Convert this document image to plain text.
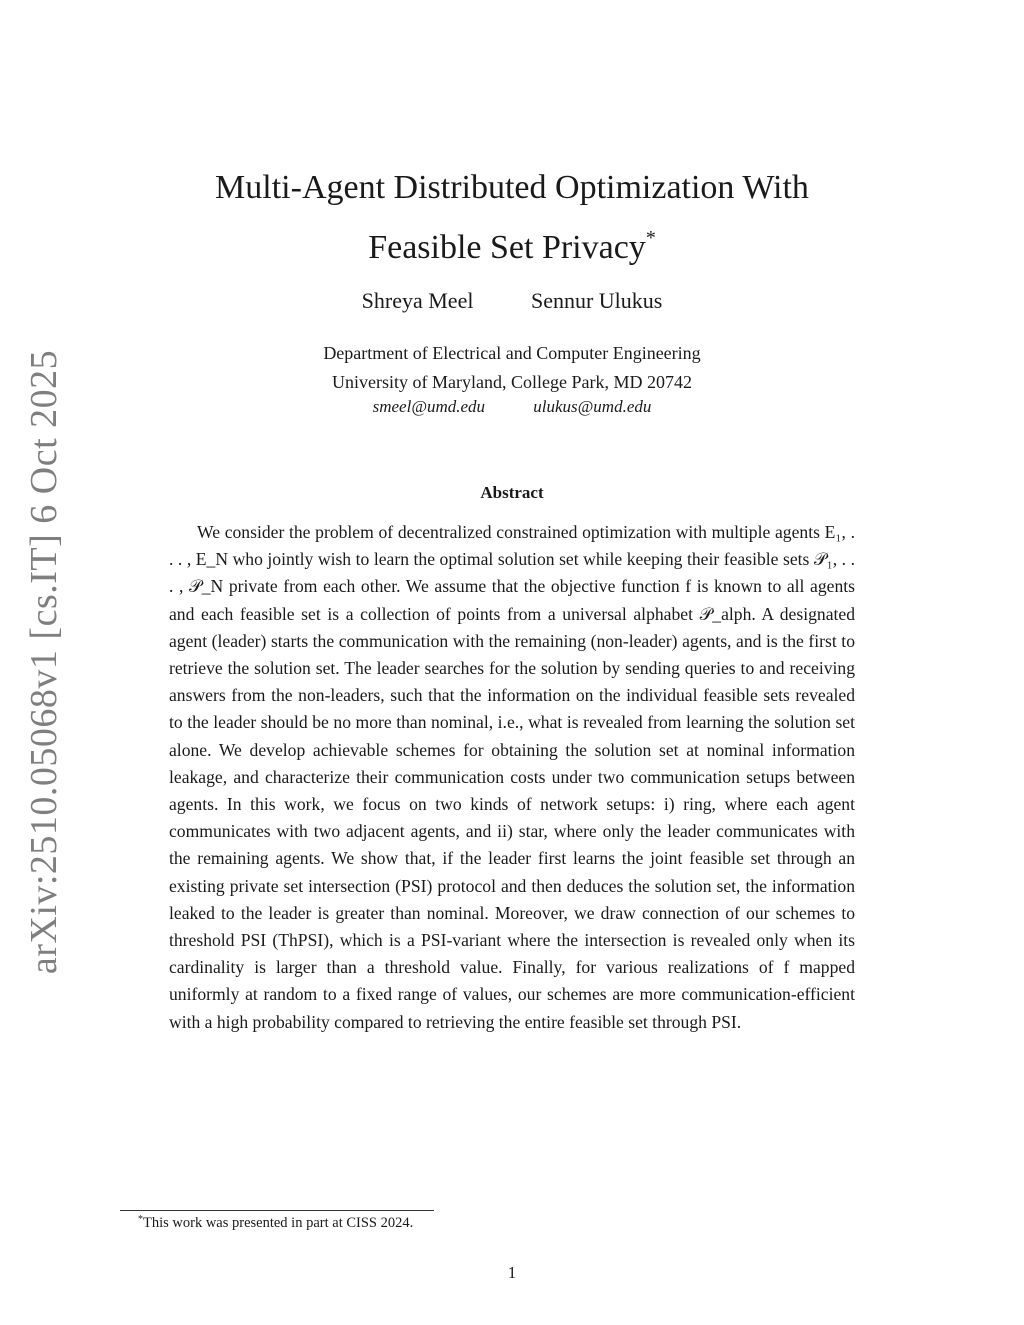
arXiv:2510.05068v1 [cs.IT] 6 Oct 2025
Multi-Agent Distributed Optimization With
Feasible Set Privacy*
Shreya Meel	Sennur Ulukus
Department of Electrical and Computer Engineering
University of Maryland, College Park, MD 20742
smeel@umd.edu	ulukus@umd.edu
Abstract

We consider the problem of decentralized constrained optimization with multiple agents E₁, . . . , E_N who jointly wish to learn the optimal solution set while keeping their feasible sets 𝒫₁, . . . , 𝒫_N private from each other. We assume that the objective function f is known to all agents and each feasible set is a collection of points from a universal alphabet 𝒫_alph. A designated agent (leader) starts the communication with the remaining (non-leader) agents, and is the first to retrieve the solution set. The leader searches for the solution by sending queries to and receiving answers from the non-leaders, such that the information on the individual feasible sets revealed to the leader should be no more than nominal, i.e., what is revealed from learning the solution set alone. We develop achievable schemes for obtaining the solution set at nominal information leakage, and characterize their communication costs under two communication setups between agents. In this work, we focus on two kinds of network setups: i) ring, where each agent communicates with two adjacent agents, and ii) star, where only the leader communicates with the remaining agents. We show that, if the leader first learns the joint feasible set through an existing private set intersection (PSI) protocol and then deduces the solution set, the information leaked to the leader is greater than nominal. Moreover, we draw connection of our schemes to threshold PSI (ThPSI), which is a PSI-variant where the intersection is revealed only when its cardinality is larger than a threshold value. Finally, for various realizations of f mapped uniformly at random to a fixed range of values, our schemes are more communication-efficient with a high probability compared to retrieving the entire feasible set through PSI.

*This work was presented in part at CISS 2024.
1
